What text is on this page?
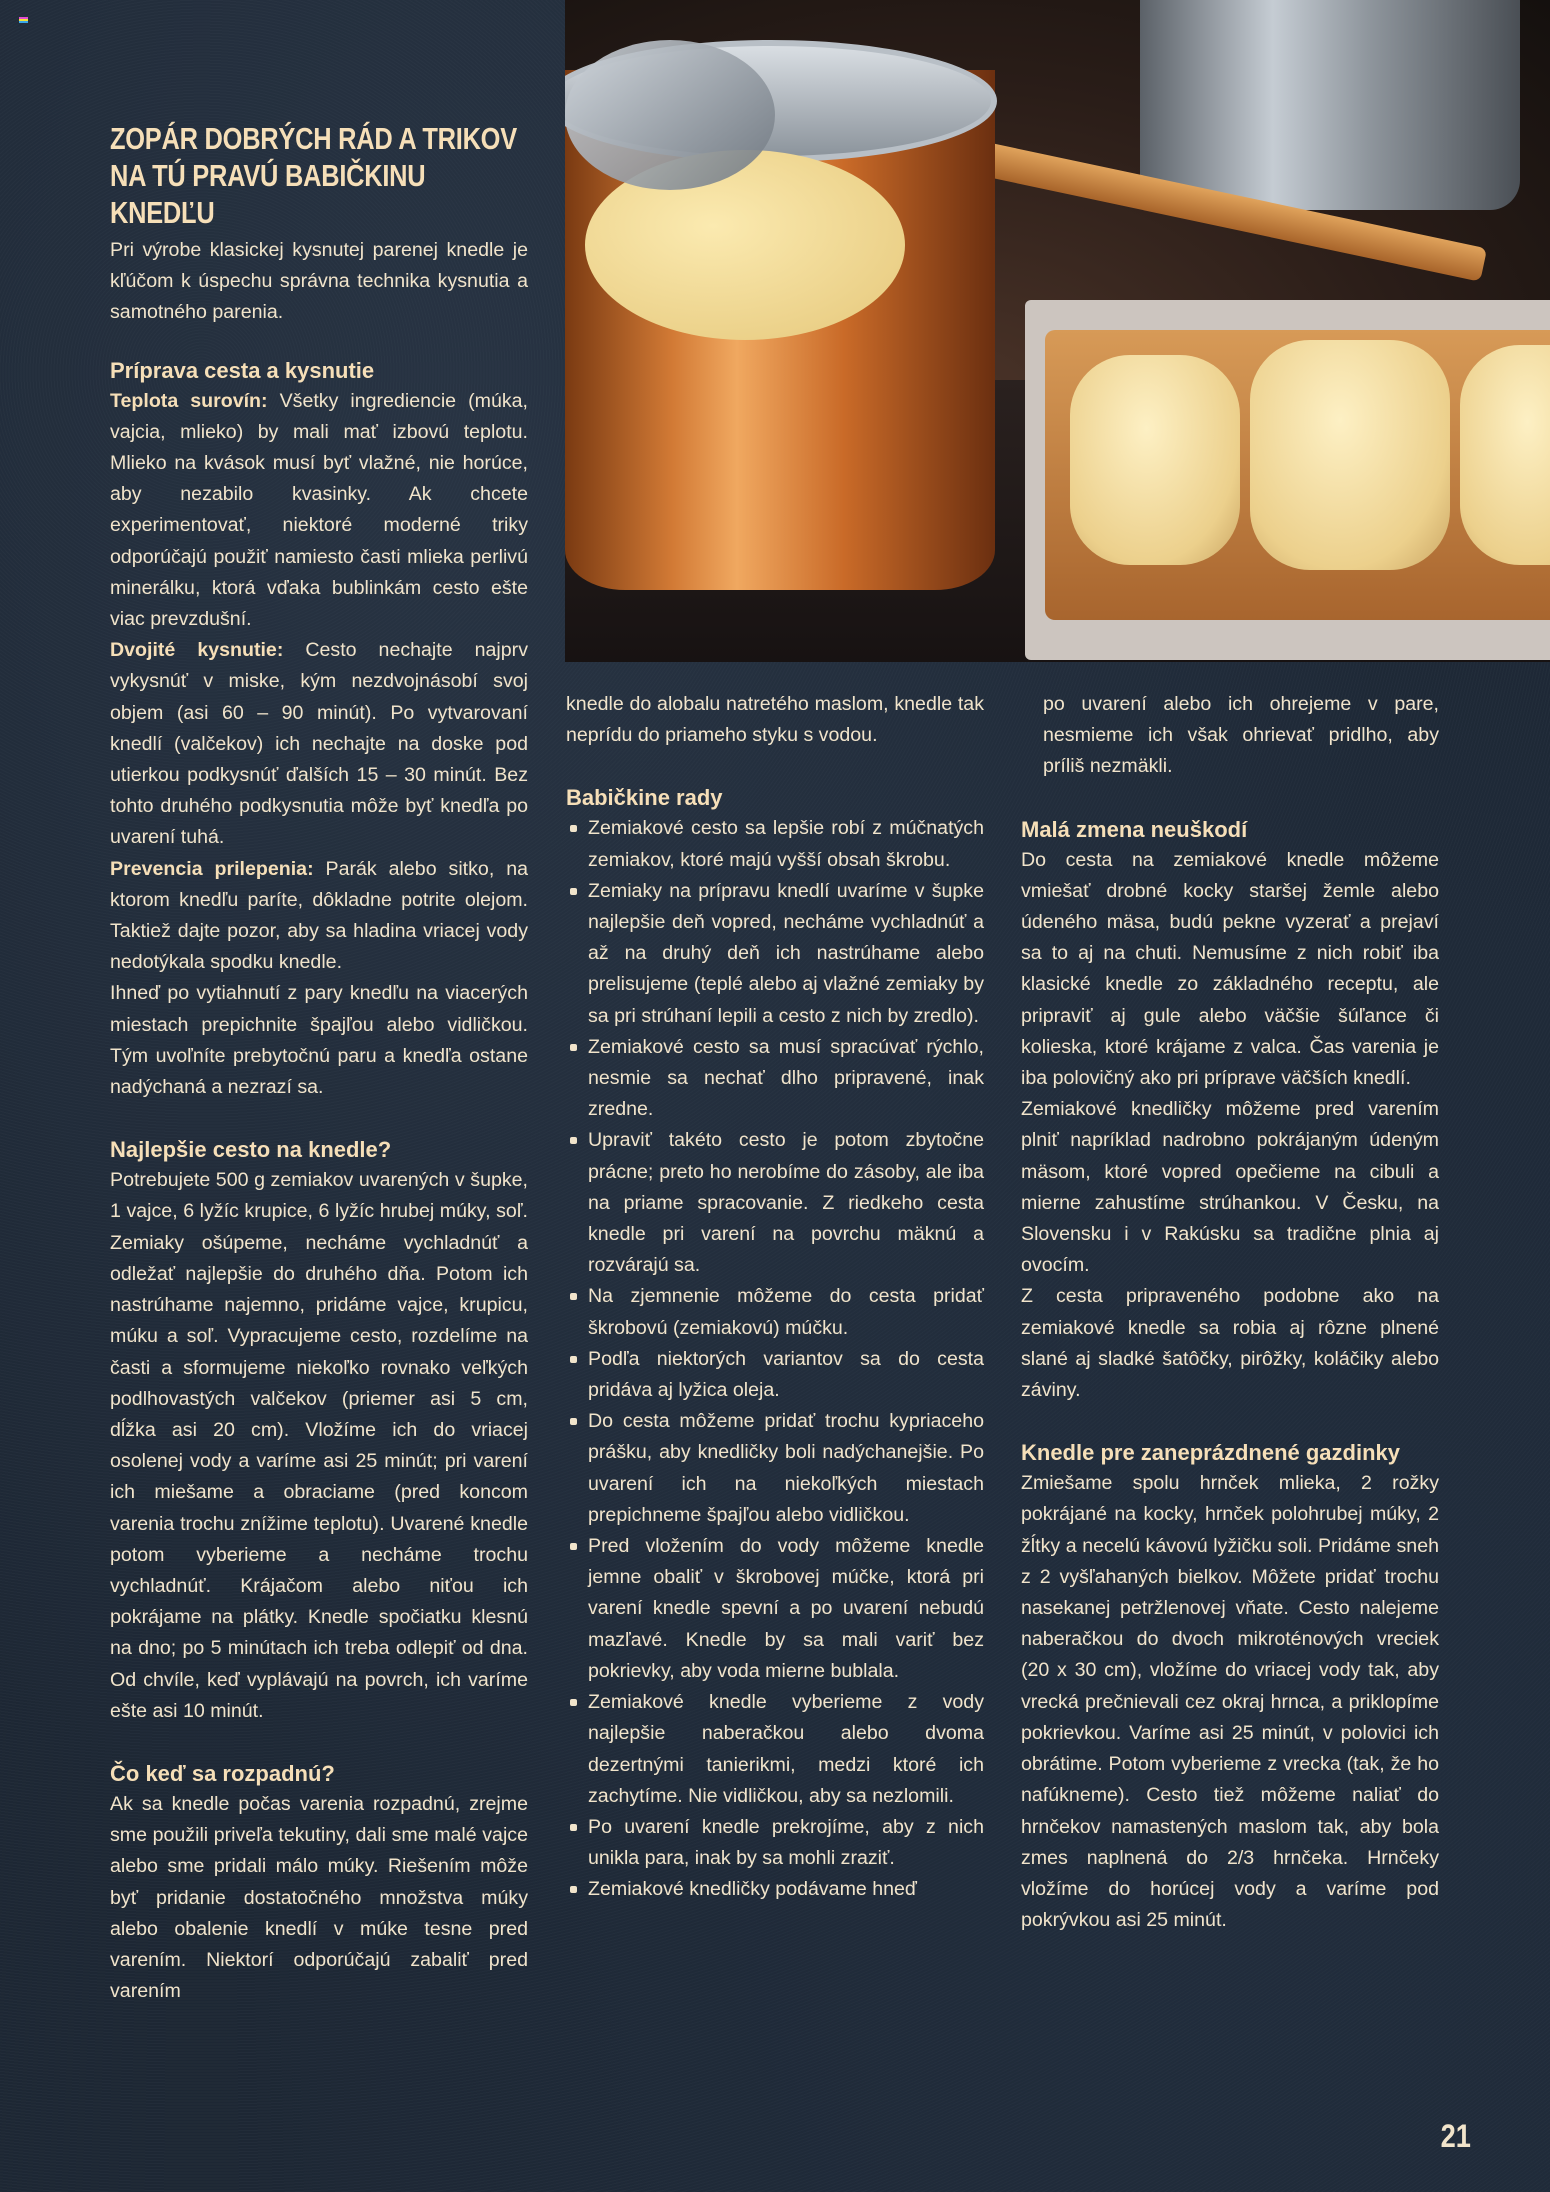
ZOPÁR DOBRÝCH RÁD A TRIKOV
NA TÚ PRAVÚ BABIČKINU KNEDĽU

Pri výrobe klasickej kysnutej parenej knedle je kľúčom k úspechu správna technika kysnutia a samotného parenia.

Príprava cesta a kysnutie

Teplota surovín: Všetky ingrediencie (múka, vajcia, mlieko) by mali mať izbovú teplotu. Mlieko na kvások musí byť vlažné, nie horúce, aby nezabilo kvasinky. Ak chcete experimentovať, niektoré moderné triky odporúčajú použiť namiesto časti mlieka perlivú minerálku, ktorá vďaka bublinkám cesto ešte viac prevzdušní.

Dvojité kysnutie: Cesto nechajte najprv vykysnúť v miske, kým nezdvojnásobí svoj objem (asi 60 – 90 minút). Po vytvarovaní knedlí (valčekov) ich nechajte na doske pod utierkou podkysnúť ďalších 15 – 30 minút. Bez tohto druhého podkysnutia môže byť knedľa po uvarení tuhá.

Prevencia prilepenia: Parák alebo sitko, na ktorom knedľu paríte, dôkladne potrite olejom. Taktiež dajte pozor, aby sa hladina vriacej vody nedotýkala spodku knedle.

Ihneď po vytiahnutí z pary knedľu na viacerých miestach prepichnite špajľou alebo vidličkou. Tým uvoľníte prebytočnú paru a knedľa ostane nadýchaná a nezrazí sa.

Najlepšie cesto na knedle?

Potrebujete 500 g zemiakov uvarených v šupke, 1 vajce, 6 lyžíc krupice, 6 lyžíc hrubej múky, soľ. Zemiaky ošúpeme, necháme vychladnúť a odležať najlepšie do druhého dňa. Potom ich nastrúhame najemno, pridáme vajce, krupicu, múku a soľ. Vypracujeme cesto, rozdelíme na časti a sformujeme niekoľko rovnako veľkých podlhovastých valčekov (priemer asi 5 cm, dĺžka asi 20 cm). Vložíme ich do vriacej osolenej vody a varíme asi 25 minút; pri varení ich miešame a obraciame (pred koncom varenia trochu znížime teplotu). Uvarené knedle potom vyberieme a necháme trochu vychladnúť. Krájačom alebo niťou ich pokrájame na plátky. Knedle spočiatku klesnú na dno; po 5 minútach ich treba odlepiť od dna. Od chvíle, keď vyplávajú na povrch, ich varíme ešte asi 10 minút.

Čo keď sa rozpadnú?

Ak sa knedle počas varenia rozpadnú, zrejme sme použili priveľa tekutiny, dali sme malé vajce alebo sme pridali málo múky. Riešením môže byť pridanie dostatočného množstva múky alebo obalenie knedlí v múke tesne pred varením. Niektorí odporúčajú zabaliť pred varením

knedle do alobalu natretého maslom, knedle tak neprídu do priameho styku s vodou.

Babičkine rady
Zemiakové cesto sa lepšie robí z múčnatých zemiakov, ktoré majú vyšší obsah škrobu.
Zemiaky na prípravu knedlí uvaríme v šupke najlepšie deň vopred, necháme vychladnúť a až na druhý deň ich nastrúhame alebo prelisujeme (teplé alebo aj vlažné zemiaky by sa pri strúhaní lepili a cesto z nich by zredlo).
Zemiakové cesto sa musí spracúvať rýchlo, nesmie sa nechať dlho pripravené, inak zredne.
Upraviť takéto cesto je potom zbytočne prácne; preto ho nerobíme do zásoby, ale iba na priame spracovanie. Z riedkeho cesta knedle pri varení na povrchu mäknú a rozvárajú sa.
Na zjemnenie môžeme do cesta pridať škrobovú (zemiakovú) múčku.
Podľa niektorých variantov sa do cesta pridáva aj lyžica oleja.
Do cesta môžeme pridať trochu kypriaceho prášku, aby knedličky boli nadýchanejšie. Po uvarení ich na niekoľkých miestach prepichneme špajľou alebo vidličkou.
Pred vložením do vody môžeme knedle jemne obaliť v škrobovej múčke, ktorá pri varení knedle spevní a po uvarení nebudú mazľavé. Knedle by sa mali variť bez pokrievky, aby voda mierne bublala.
Zemiakové knedle vyberieme z vody najlepšie naberačkou alebo dvoma dezertnými tanierikmi, medzi ktoré ich zachytíme. Nie vidličkou, aby sa nezlomili.
Po uvarení knedle prekrojíme, aby z nich unikla para, inak by sa mohli zraziť.
Zemiakové knedličky podávame hneď

po uvarení alebo ich ohrejeme v pare, nesmieme ich však ohrievať pridlho, aby príliš nezmäkli.

Malá zmena neuškodí

Do cesta na zemiakové knedle môžeme vmiešať drobné kocky staršej žemle alebo údeného mäsa, budú pekne vyzerať a prejaví sa to aj na chuti. Nemusíme z nich robiť iba klasické knedle zo základného receptu, ale pripraviť aj gule alebo väčšie šúľance či kolieska, ktoré krájame z valca. Čas varenia je iba polovičný ako pri príprave väčších knedlí.

Zemiakové knedličky môžeme pred varením plniť napríklad nadrobno pokrájaným údeným mäsom, ktoré vopred opečieme na cibuli a mierne zahustíme strúhankou. V Česku, na Slovensku i v Rakúsku sa tradične plnia aj ovocím.

Z cesta pripraveného podobne ako na zemiakové knedle sa robia aj rôzne plnené slané aj sladké šatôčky, pirôžky, koláčiky alebo záviny.

Knedle pre zaneprázdnené gazdinky

Zmiešame spolu hrnček mlieka, 2 rožky pokrájané na kocky, hrnček polohrubej múky, 2 žĺtky a necelú kávovú lyžičku soli. Pridáme sneh z 2 vyšľahaných bielkov. Môžete pridať trochu nasekanej petržlenovej vňate. Cesto nalejeme naberačkou do dvoch mikroténových vreciek (20 x 30 cm), vložíme do vriacej vody tak, aby vrecká prečnievali cez okraj hrnca, a priklopíme pokrievkou. Varíme asi 25 minút, v polovici ich obrátime. Potom vyberieme z vrecka (tak, že ho nafúkneme). Cesto tiež môžeme naliať do hrnčekov namastených maslom tak, aby bola zmes naplnená do 2/3 hrnčeka. Hrnčeky vložíme do horúcej vody a varíme pod pokrývkou asi 25 minút.

21
